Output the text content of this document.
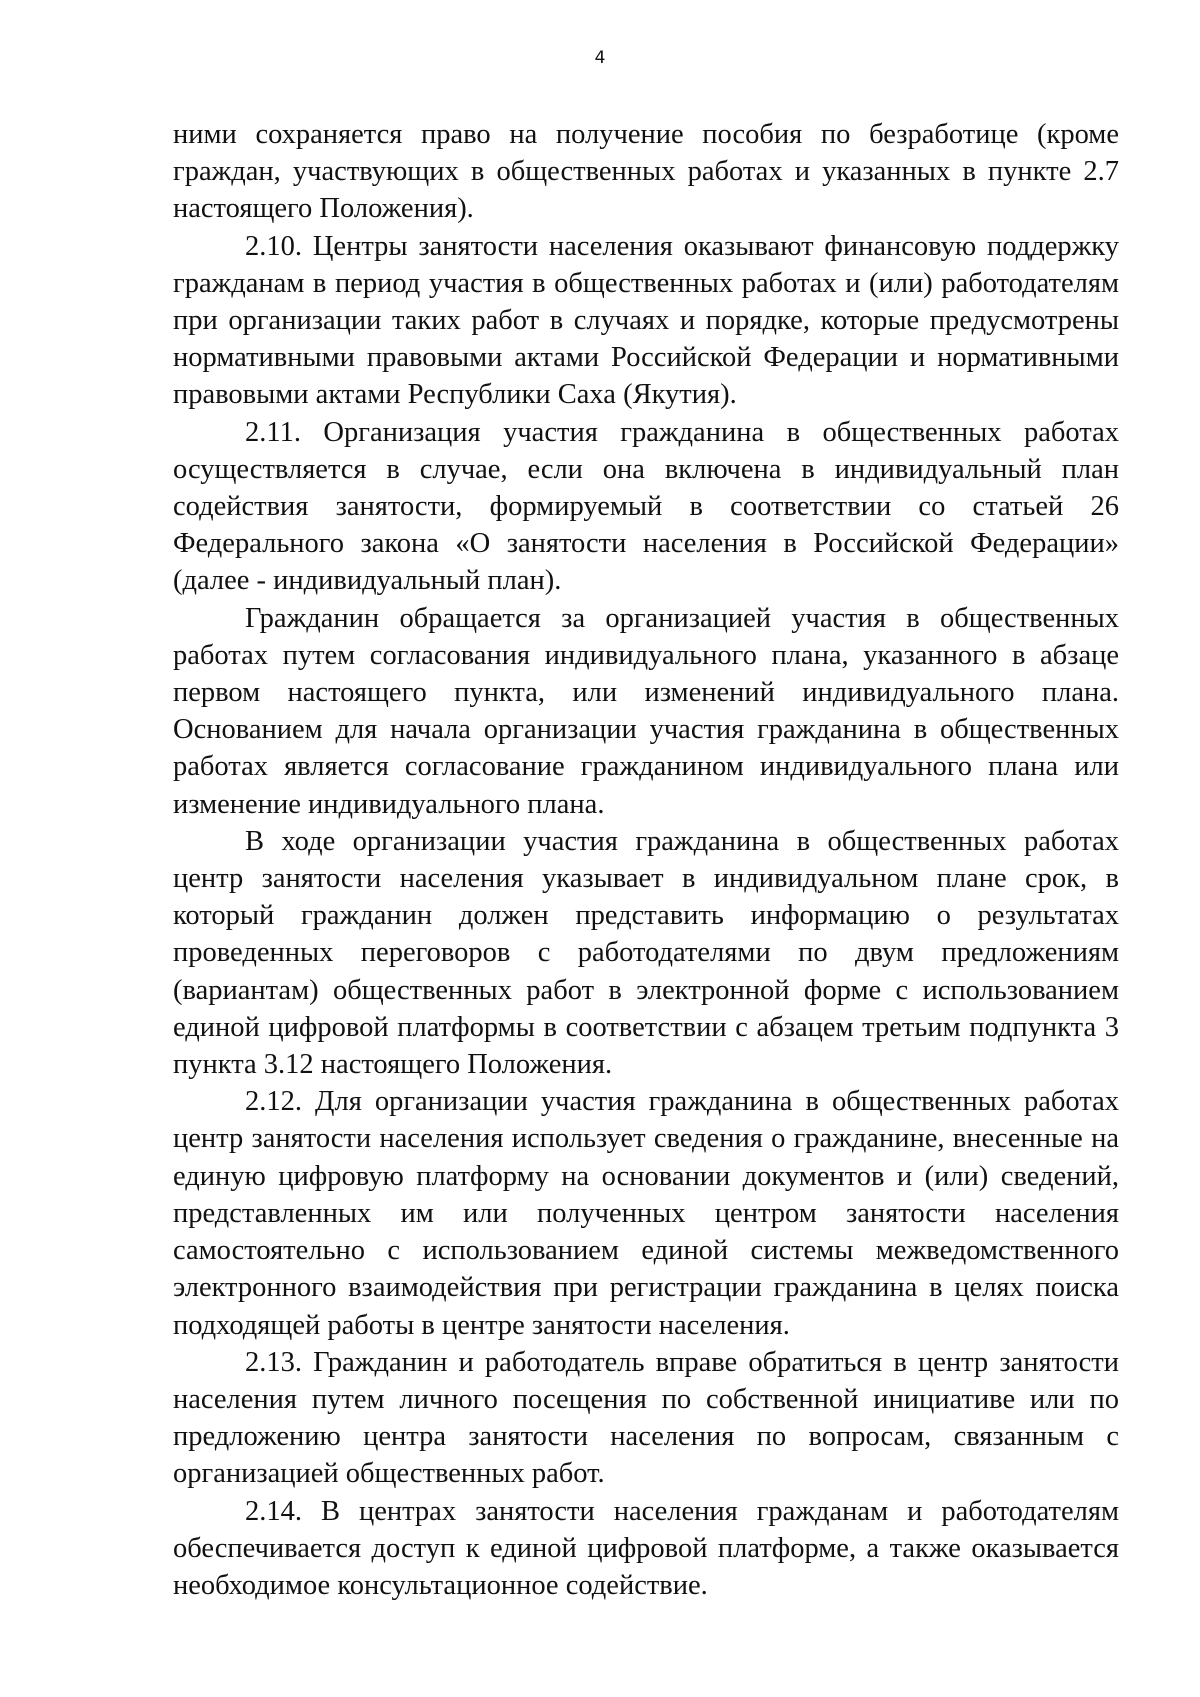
4

ними сохраняется право на получение пособия по безработице (кроме граждан, участвующих в общественных работах и указанных в пункте 2.7 настоящего Положения).

2.10. Центры занятости населения оказывают финансовую поддержку гражданам в период участия в общественных работах и (или) работодателям при организации таких работ в случаях и порядке, которые предусмотрены нормативными правовыми актами Российской Федерации и нормативными правовыми актами Республики Саха (Якутия).

2.11. Организация участия гражданина в общественных работах осуществляется в случае, если она включена в индивидуальный план содействия занятости, формируемый в соответствии со статьей 26 Федерального закона «О занятости населения в Российской Федерации» (далее - индивидуальный план).

Гражданин обращается за организацией участия в общественных работах путем согласования индивидуального плана, указанного в абзаце первом настоящего пункта, или изменений индивидуального плана. Основанием для начала организации участия гражданина в общественных работах является согласование гражданином индивидуального плана или изменение индивидуального плана.

В ходе организации участия гражданина в общественных работах центр занятости населения указывает в индивидуальном плане срок, в который гражданин должен представить информацию о результатах проведенных переговоров с работодателями по двум предложениям (вариантам) общественных работ в электронной форме с использованием единой цифровой платформы в соответствии с абзацем третьим подпункта 3 пункта 3.12 настоящего Положения.

2.12. Для организации участия гражданина в общественных работах центр занятости населения использует сведения о гражданине, внесенные на единую цифровую платформу на основании документов и (или) сведений, представленных им или полученных центром занятости населения самостоятельно с использованием единой системы межведомственного электронного взаимодействия при регистрации гражданина в целях поиска подходящей работы в центре занятости населения.

2.13. Гражданин и работодатель вправе обратиться в центр занятости населения путем личного посещения по собственной инициативе или по предложению центра занятости населения по вопросам, связанным с организацией общественных работ.

2.14. В центрах занятости населения гражданам и работодателям обеспечивается доступ к единой цифровой платформе, а также оказывается необходимое консультационное содействие.
